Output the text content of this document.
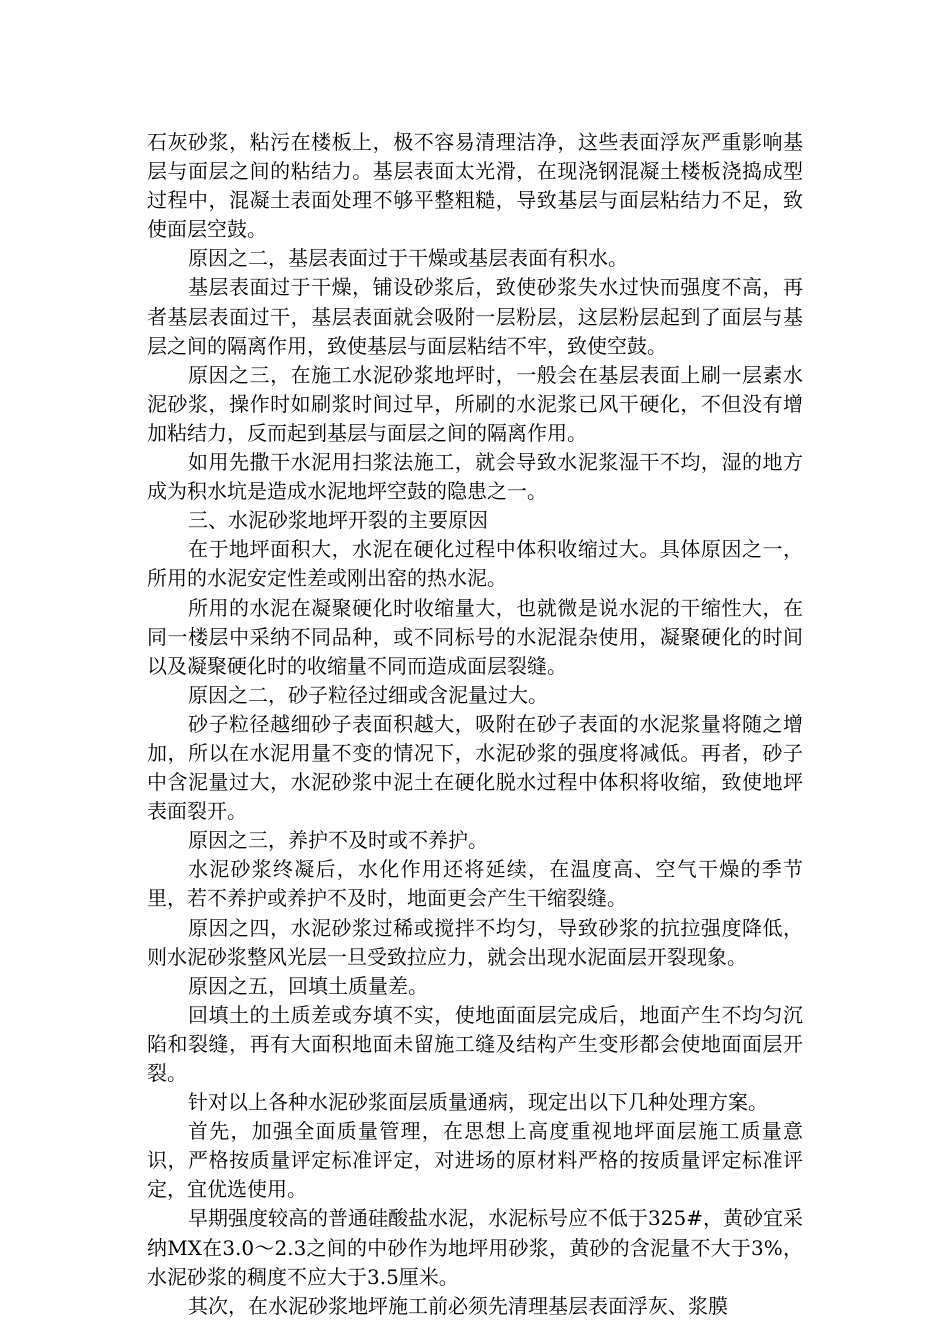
石灰砂浆，粘污在楼板上，极不容易清理洁净，这些表面浮灰严重影响基层与面层之间的粘结力。基层表面太光滑，在现浇钢混凝土楼板浇捣成型过程中，混凝土表面处理不够平整粗糙，导致基层与面层粘结力不足，致使面层空鼓。

原因之二，基层表面过于干燥或基层表面有积水。

基层表面过于干燥，铺设砂浆后，致使砂浆失水过快而强度不高，再者基层表面过干，基层表面就会吸附一层粉层，这层粉层起到了面层与基层之间的隔离作用，致使基层与面层粘结不牢，致使空鼓。

原因之三，在施工水泥砂浆地坪时，一般会在基层表面上刷一层素水泥砂浆，操作时如刷浆时间过早，所刷的水泥浆已风干硬化，不但没有增加粘结力，反而起到基层与面层之间的隔离作用。

如用先撒干水泥用扫浆法施工，就会导致水泥浆湿干不均，湿的地方成为积水坑是造成水泥地坪空鼓的隐患之一。

三、水泥砂浆地坪开裂的主要原因

在于地坪面积大，水泥在硬化过程中体积收缩过大。具体原因之一，所用的水泥安定性差或刚出窑的热水泥。

所用的水泥在凝聚硬化时收缩量大，也就微是说水泥的干缩性大，在同一楼层中采纳不同品种，或不同标号的水泥混杂使用，凝聚硬化的时间以及凝聚硬化时的收缩量不同而造成面层裂缝。

原因之二，砂子粒径过细或含泥量过大。

砂子粒径越细砂子表面积越大，吸附在砂子表面的水泥浆量将随之增加，所以在水泥用量不变的情况下，水泥砂浆的强度将减低。再者，砂子中含泥量过大，水泥砂浆中泥土在硬化脱水过程中体积将收缩，致使地坪表面裂开。

原因之三，养护不及时或不养护。

水泥砂浆终凝后，水化作用还将延续，在温度高、空气干燥的季节里，若不养护或养护不及时，地面更会产生干缩裂缝。

原因之四，水泥砂浆过稀或搅拌不均匀，导致砂浆的抗拉强度降低，则水泥砂浆整风光层一旦受致拉应力，就会出现水泥面层开裂现象。

原因之五，回填土质量差。

回填土的土质差或夯填不实，使地面面层完成后，地面产生不均匀沉陷和裂缝，再有大面积地面未留施工缝及结构产生变形都会使地面面层开裂。

针对以上各种水泥砂浆面层质量通病，现定出以下几种处理方案。

首先，加强全面质量管理，在思想上高度重视地坪面层施工质量意识，严格按质量评定标准评定，对进场的原材料严格的按质量评定标准评定，宜优选使用。

早期强度较高的普通硅酸盐水泥，水泥标号应不低于325#，黄砂宜采纳MX在3.0～2.3之间的中砂作为地坪用砂浆，黄砂的含泥量不大于3%，水泥砂浆的稠度不应大于3.5厘米。

其次，在水泥砂浆地坪施工前必须先清理基层表面浮灰、浆膜
